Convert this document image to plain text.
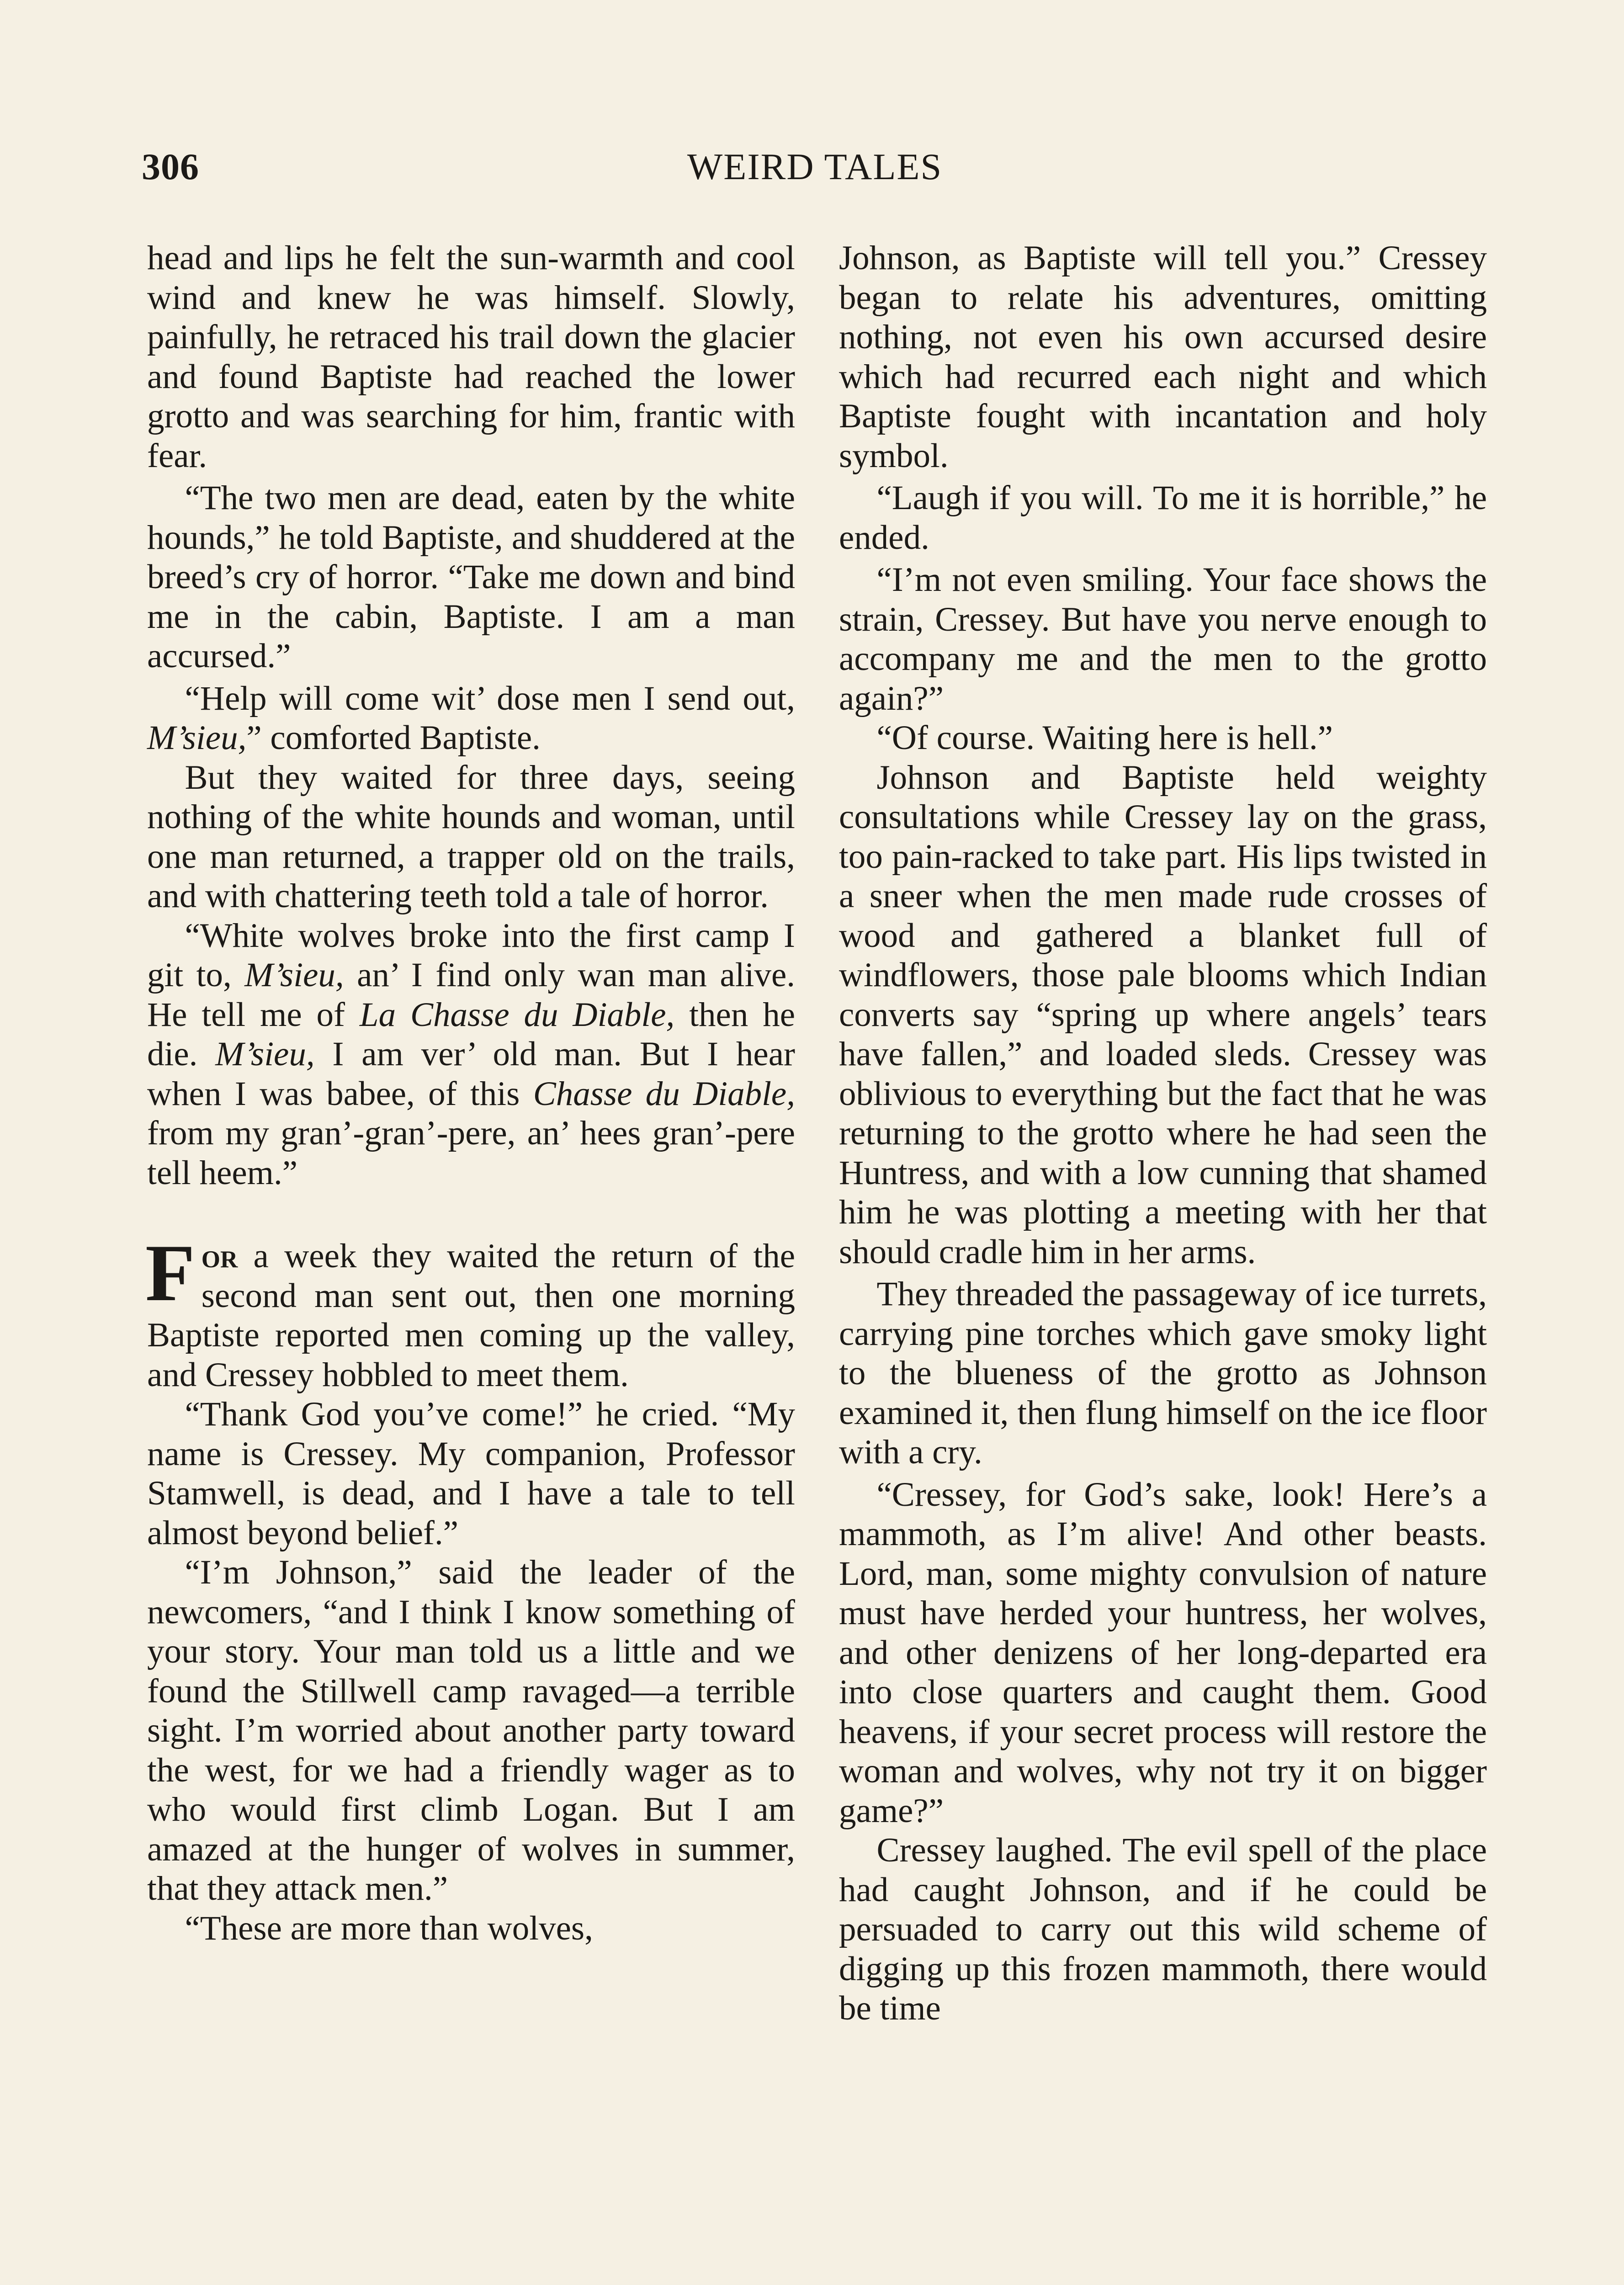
306	WEIRD TALES

head and lips he felt the sun-warmth and cool wind and knew he was himself. Slowly, painfully, he retraced his trail down the glacier and found Baptiste had reached the lower grotto and was searching for him, frantic with fear.

“The two men are dead, eaten by the white hounds,” he told Baptiste, and shuddered at the breed’s cry of horror. “Take me down and bind me in the cabin, Baptiste. I am a man accursed.”

“Help will come wit’ dose men I send out, M’sieu,” comforted Baptiste.

But they waited for three days, seeing nothing of the white hounds and woman, until one man returned, a trapper old on the trails, and with chattering teeth told a tale of horror.

“White wolves broke into the first camp I git to, M’sieu, an’ I find only wan man alive. He tell me of La Chasse du Diable, then he die. M’sieu, I am ver’ old man. But I hear when I was babee, of this Chasse du Diable, from my gran’-gran’-pere, an’ hees gran’-pere tell heem.”

For a week they waited the return of the second man sent out, then one morning Baptiste reported men coming up the valley, and Cressey hobbled to meet them.

“Thank God you’ve come!” he cried. “My name is Cressey. My companion, Professor Stamwell, is dead, and I have a tale to tell almost beyond belief.”

“I’m Johnson,” said the leader of the newcomers, “and I think I know something of your story. Your man told us a little and we found the Stillwell camp ravaged—a terrible sight. I’m worried about another party toward the west, for we had a friendly wager as to who would first climb Logan. But I am amazed at the hunger of wolves in summer, that they attack men.”

“These are more than wolves,

Johnson, as Baptiste will tell you.” Cressey began to relate his adventures, omitting nothing, not even his own accursed desire which had recurred each night and which Baptiste fought with incantation and holy symbol.

“Laugh if you will. To me it is horrible,” he ended.

“I’m not even smiling. Your face shows the strain, Cressey. But have you nerve enough to accompany me and the men to the grotto again?”

“Of course. Waiting here is hell.”

Johnson and Baptiste held weighty consultations while Cressey lay on the grass, too pain-racked to take part. His lips twisted in a sneer when the men made rude crosses of wood and gathered a blanket full of windflowers, those pale blooms which Indian converts say “spring up where angels’ tears have fallen,” and loaded sleds. Cressey was oblivious to everything but the fact that he was returning to the grotto where he had seen the Huntress, and with a low cunning that shamed him he was plotting a meeting with her that should cradle him in her arms.

They threaded the passageway of ice turrets, carrying pine torches which gave smoky light to the blueness of the grotto as Johnson examined it, then flung himself on the ice floor with a cry.

“Cressey, for God’s sake, look! Here’s a mammoth, as I’m alive! And other beasts. Lord, man, some mighty convulsion of nature must have herded your huntress, her wolves, and other denizens of her long-departed era into close quarters and caught them. Good heavens, if your secret process will restore the woman and wolves, why not try it on bigger game?”

Cressey laughed. The evil spell of the place had caught Johnson, and if he could be persuaded to carry out this wild scheme of digging up this frozen mammoth, there would be time
